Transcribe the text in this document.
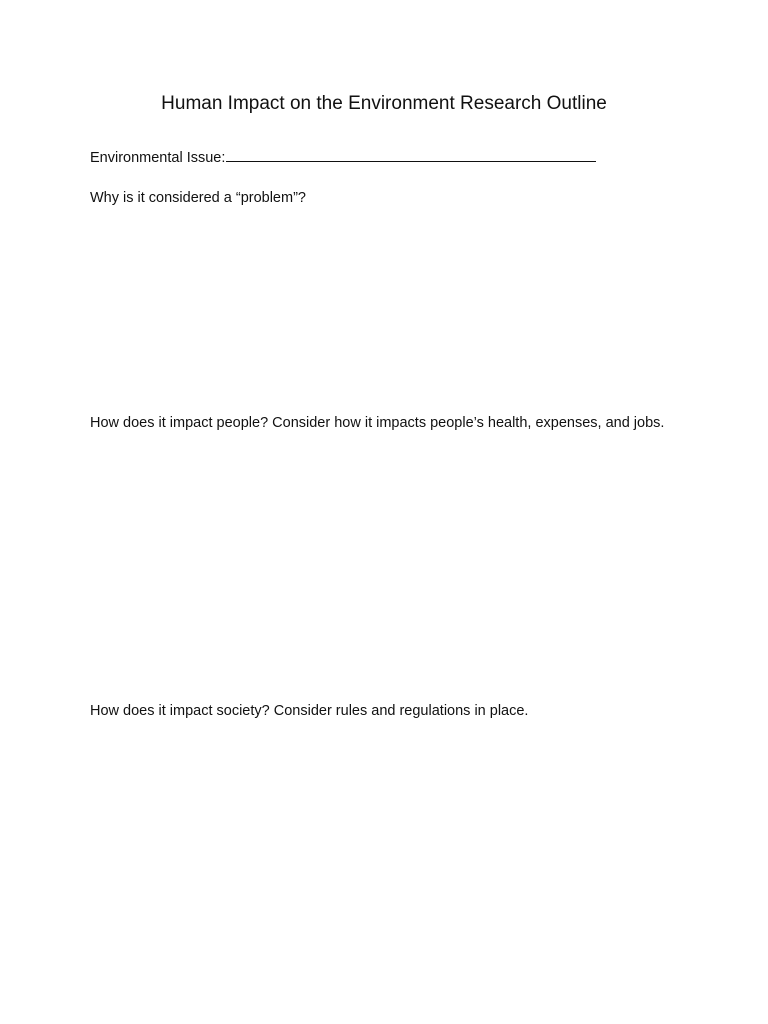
Human Impact on the Environment Research Outline
Environmental Issue:
Why is it considered a “problem”?
How does it impact people? Consider how it impacts people’s health, expenses, and jobs.
How does it impact society? Consider rules and regulations in place.
